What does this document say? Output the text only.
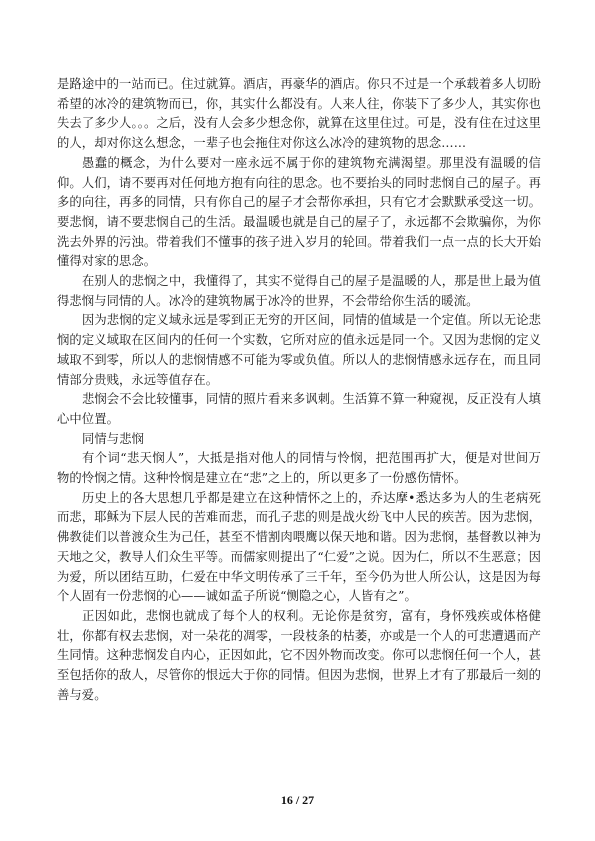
是路途中的一站而已。住过就算。酒店，再豪华的酒店。你只不过是一个承载着多人切盼希望的冰冷的建筑物而已，你，其实什么都没有。人来人往，你装下了多少人，其实你也失去了多少人。。。之后，没有人会多少想念你，就算在这里住过。可是，没有住在过这里的人，却对你这么想念，一辈子也会拖住对你这么冰冷的建筑物的思念……

愚蠢的概念，为什么要对一座永远不属于你的建筑物充满渴望。那里没有温暖的信仰。人们，请不要再对任何地方抱有向往的思念。也不要抬头的同时悲悯自己的屋子。再多的向往，再多的同情，只有你自己的屋子才会帮你承担，只有它才会默默承受这一切。要悲悯，请不要悲悯自己的生活。最温暖也就是自己的屋子了，永远都不会欺骗你，为你洗去外界的污浊。带着我们不懂事的孩子进入岁月的轮回。带着我们一点一点的长大开始懂得对家的思念。

在别人的悲悯之中，我懂得了，其实不觉得自己的屋子是温暖的人，那是世上最为值得悲悯与同情的人。冰冷的建筑物属于冰冷的世界，不会带给你生活的暖流。

因为悲悯的定义域永远是零到正无穷的开区间，同情的值域是一个定值。所以无论悲悯的定义域取在区间内的任何一个实数，它所对应的值永远是同一个。又因为悲悯的定义域取不到零，所以人的悲悯情感不可能为零或负值。所以人的悲悯情感永远存在，而且同情部分贵贱，永远等值存在。

悲悯会不会比较懂事，同情的照片看来多讽刺。生活算不算一种窥视，反正没有人填心中位置。

同情与悲悯

有个词“悲天悯人”，大抵是指对他人的同情与怜悯，把范围再扩大，便是对世间万物的怜悯之情。这种怜悯是建立在“悲”之上的，所以更多了一份感伤情怀。

历史上的各大思想几乎都是建立在这种情怀之上的，乔达摩•悉达多为人的生老病死而悲，耶稣为下层人民的苦难而悲，而孔子悲的则是战火纷飞中人民的疾苦。因为悲悯，佛教徒们以普渡众生为己任，甚至不惜割肉喂鹰以保天地和谐。因为悲悯，基督教以神为天地之父，教导人们众生平等。而儒家则提出了“仁爱”之说。因为仁，所以不生恶意；因为爱，所以团结互助，仁爱在中华文明传承了三千年，至今仍为世人所公认，这是因为每个人固有一份悲悯的心——诚如孟子所说“恻隐之心，人皆有之”。

正因如此，悲悯也就成了每个人的权利。无论你是贫穷，富有，身怀残疾或体格健壮，你都有权去悲悯，对一朵花的凋零，一段枝条的枯萎，亦或是一个人的可悲遭遇而产生同情。这种悲悯发自内心，正因如此，它不因外物而改变。你可以悲悯任何一个人，甚至包括你的敌人，尽管你的恨远大于你的同情。但因为悲悯，世界上才有了那最后一刻的善与爱。

16 / 27
